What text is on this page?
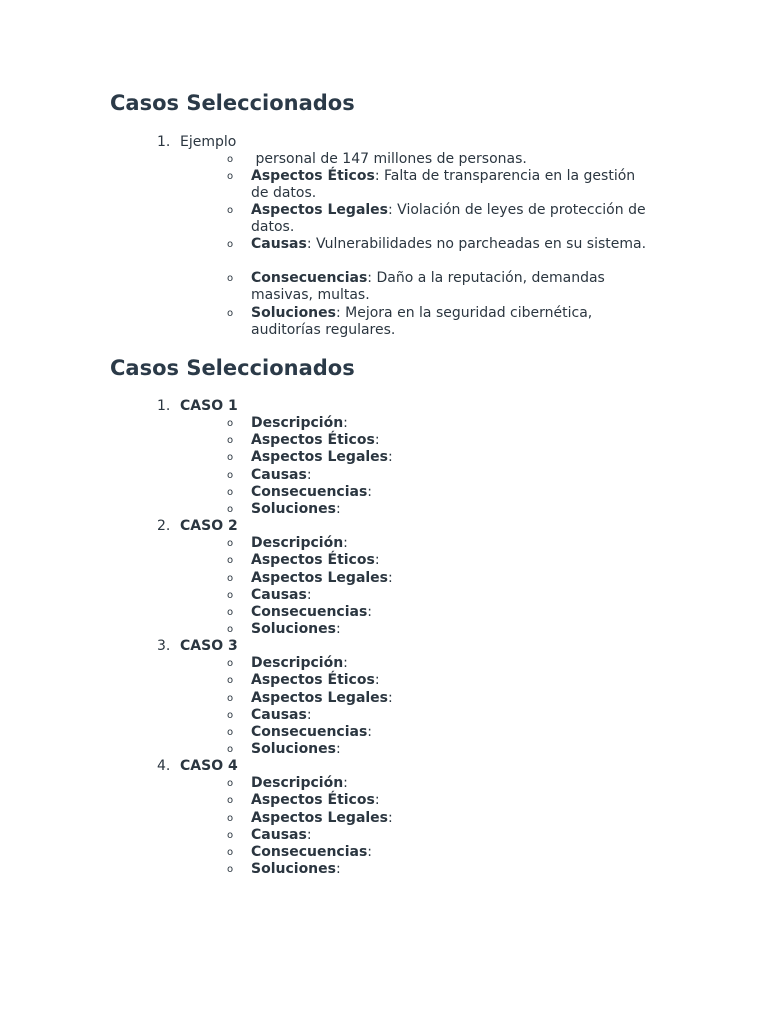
Casos Seleccionados
1. Ejemplo
o personal de 147 millones de personas.
o Aspectos Éticos: Falta de transparencia en la gestión de datos.
o Aspectos Legales: Violación de leyes de protección de datos.
o Causas: Vulnerabilidades no parcheadas en su sistema.
o Consecuencias: Daño a la reputación, demandas masivas, multas.
o Soluciones: Mejora en la seguridad cibernética, auditorías regulares.
Casos Seleccionados
1. CASO 1
o Descripción:
o Aspectos Éticos:
o Aspectos Legales:
o Causas:
o Consecuencias:
o Soluciones:
2. CASO 2
o Descripción:
o Aspectos Éticos:
o Aspectos Legales:
o Causas:
o Consecuencias:
o Soluciones:
3. CASO 3
o Descripción:
o Aspectos Éticos:
o Aspectos Legales:
o Causas:
o Consecuencias:
o Soluciones:
4. CASO 4
o Descripción:
o Aspectos Éticos:
o Aspectos Legales:
o Causas:
o Consecuencias:
o Soluciones:
